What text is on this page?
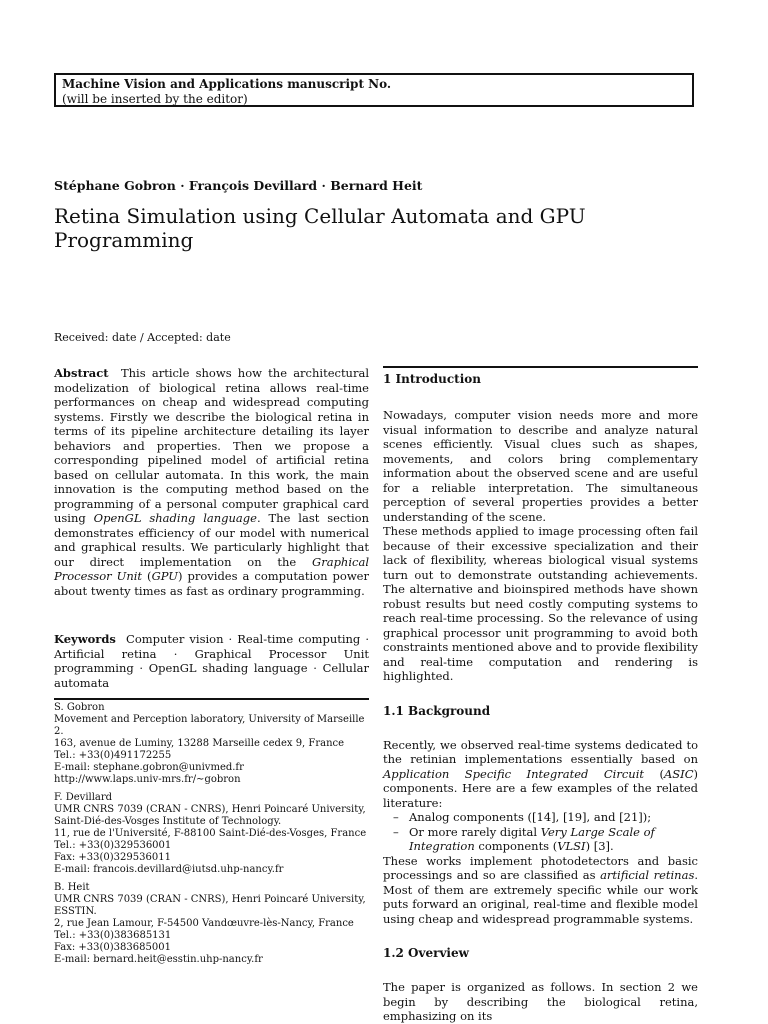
Machine Vision and Applications manuscript No.
(will be inserted by the editor)
Stéphane Gobron · François Devillard · Bernard Heit
Retina Simulation using Cellular Automata and GPU Programming
Received: date / Accepted: date

Abstract This article shows how the architectural modelization of biological retina allows real-time performances on cheap and widespread computing systems. Firstly we describe the biological retina in terms of its pipeline architecture detailing its layer behaviors and properties. Then we propose a corresponding pipelined model of artificial retina based on cellular automata. In this work, the main innovation is the computing method based on the programming of a personal computer graphical card using OpenGL shading language. The last section demonstrates efficiency of our model with numerical and graphical results. We particularly highlight that our direct implementation on the Graphical Processor Unit (GPU) provides a computation power about twenty times as fast as ordinary programming.

Keywords Computer vision · Real-time computing · Artificial retina · Graphical Processor Unit programming · OpenGL shading language · Cellular automata

S. Gobron
Movement and Perception laboratory, University of Marseille 2.
163, avenue de Luminy, 13288 Marseille cedex 9, France
Tel.: +33(0)491172255
E-mail: stephane.gobron@univmed.fr
http://www.laps.univ-mrs.fr/∼gobron
F. Devillard
UMR CNRS 7039 (CRAN - CNRS), Henri Poincaré University, Saint-Dié-des-Vosges Institute of Technology.
11, rue de l'Université, F-88100 Saint-Dié-des-Vosges, France
Tel.: +33(0)329536001
Fax: +33(0)329536011
E-mail: francois.devillard@iutsd.uhp-nancy.fr
B. Heit
UMR CNRS 7039 (CRAN - CNRS), Henri Poincaré University, ESSTIN.
2, rue Jean Lamour, F-54500 Vandœuvre-lès-Nancy, France
Tel.: +33(0)383685131
Fax: +33(0)383685001
E-mail: bernard.heit@esstin.uhp-nancy.fr
1 Introduction

Nowadays, computer vision needs more and more visual information to describe and analyze natural scenes efficiently. Visual clues such as shapes, movements, and colors bring complementary information about the observed scene and are useful for a reliable interpretation. The simultaneous perception of several properties provides a better understanding of the scene.

These methods applied to image processing often fail because of their excessive specialization and their lack of flexibility, whereas biological visual systems turn out to demonstrate outstanding achievements. The alternative and bioinspired methods have shown robust results but need costly computing systems to reach real-time processing. So the relevance of using graphical processor unit programming to avoid both constraints mentioned above and to provide flexibility and real-time computation and rendering is highlighted.

1.1 Background

Recently, we observed real-time systems dedicated to the retinian implementations essentially based on Application Specific Integrated Circuit (ASIC) components. Here are a few examples of the related literature:

– Analog components ([14], [19], and [21]);
– Or more rarely digital Very Large Scale of Integration components (VLSI) [3].

These works implement photodetectors and basic processings and so are classified as artificial retinas. Most of them are extremely specific while our work puts forward an original, real-time and flexible model using cheap and widespread programmable systems.

1.2 Overview

The paper is organized as follows. In section 2 we begin by describing the biological retina, emphasizing on its
